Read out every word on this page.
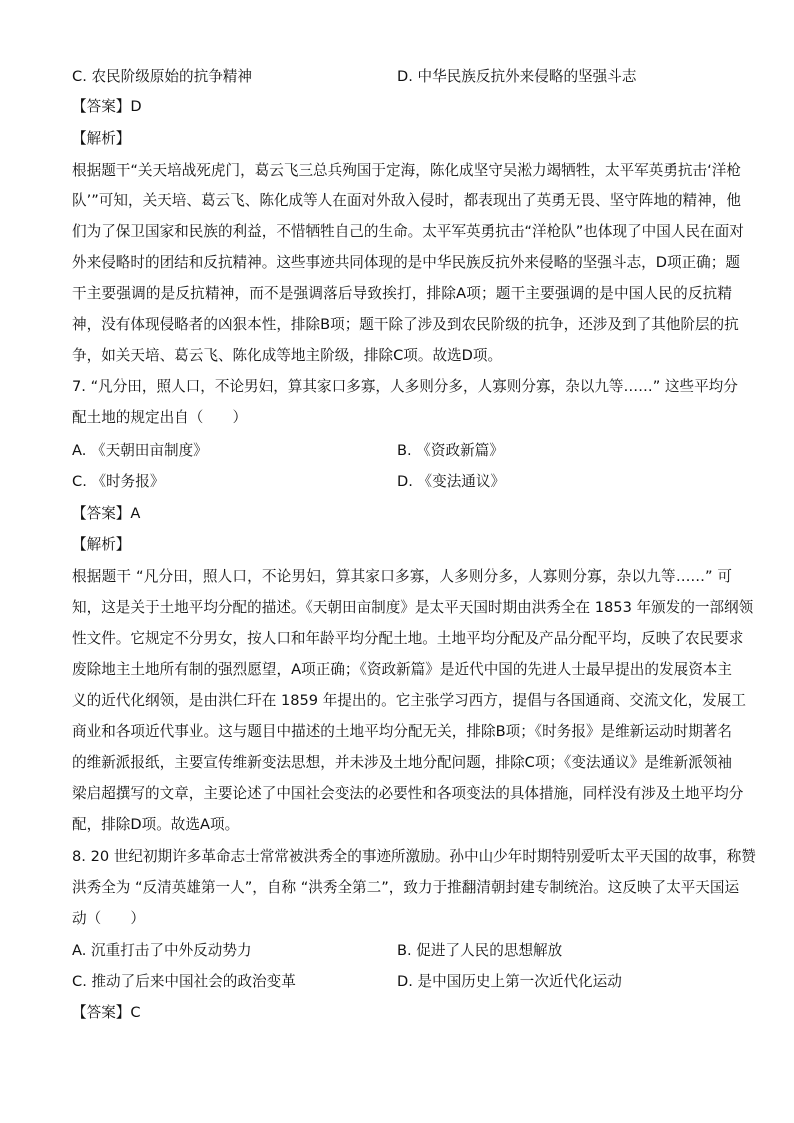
C. 农民阶级原始的抗争精神	D. 中华民族反抗外来侵略的坚强斗志
【答案】D
【解析】
根据题干“关天培战死虎门，葛云飞三总兵殉国于定海，陈化成坚守吴淞力竭牺牲，太平军英勇抗击‘洋枪
队’”可知，关天培、葛云飞、陈化成等人在面对外敌入侵时，都表现出了英勇无畏、坚守阵地的精神，他
们为了保卫国家和民族的利益，不惜牺牲自己的生命。太平军英勇抗击“洋枪队”也体现了中国人民在面对
外来侵略时的团结和反抗精神。这些事迹共同体现的是中华民族反抗外来侵略的坚强斗志，D项正确；题
干主要强调的是反抗精神，而不是强调落后导致挨打，排除A项；题干主要强调的是中国人民的反抗精
神，没有体现侵略者的凶狠本性，排除B项；题干除了涉及到农民阶级的抗争，还涉及到了其他阶层的抗
争，如关天培、葛云飞、陈化成等地主阶级，排除C项。故选D项。
7. “凡分田，照人口，不论男妇，算其家口多寡，人多则分多，人寡则分寡，杂以九等……” 这些平均分
配土地的规定出自（　　）
A. 《天朝田亩制度》	B. 《资政新篇》
C. 《时务报》	D. 《变法通议》
【答案】A
【解析】
根据题干 “凡分田，照人口，不论男妇，算其家口多寡，人多则分多，人寡则分寡，杂以九等……” 可
知，这是关于土地平均分配的描述。《天朝田亩制度》是太平天国时期由洪秀全在 1853 年颁发的一部纲领
性文件。它规定不分男女，按人口和年龄平均分配土地。土地平均分配及产品分配平均，反映了农民要求
废除地主土地所有制的强烈愿望，A项正确；《资政新篇》是近代中国的先进人士最早提出的发展资本主
义的近代化纲领，是由洪仁玕在 1859 年提出的。它主张学习西方，提倡与各国通商、交流文化，发展工
商业和各项近代事业。这与题目中描述的土地平均分配无关，排除B项；《时务报》是维新运动时期著名
的维新派报纸，主要宣传维新变法思想，并未涉及土地分配问题，排除C项；《变法通议》是维新派领袖
梁启超撰写的文章，主要论述了中国社会变法的必要性和各项变法的具体措施，同样没有涉及土地平均分
配，排除D项。故选A项。
8. 20 世纪初期许多革命志士常常被洪秀全的事迹所激励。孙中山少年时期特别爱听太平天国的故事，称赞
洪秀全为 “反清英雄第一人”，自称 “洪秀全第二”，致力于推翻清朝封建专制统治。这反映了太平天国运
动（　　）
A. 沉重打击了中外反动势力	B. 促进了人民的思想解放
C. 推动了后来中国社会的政治变革	D. 是中国历史上第一次近代化运动
【答案】C
